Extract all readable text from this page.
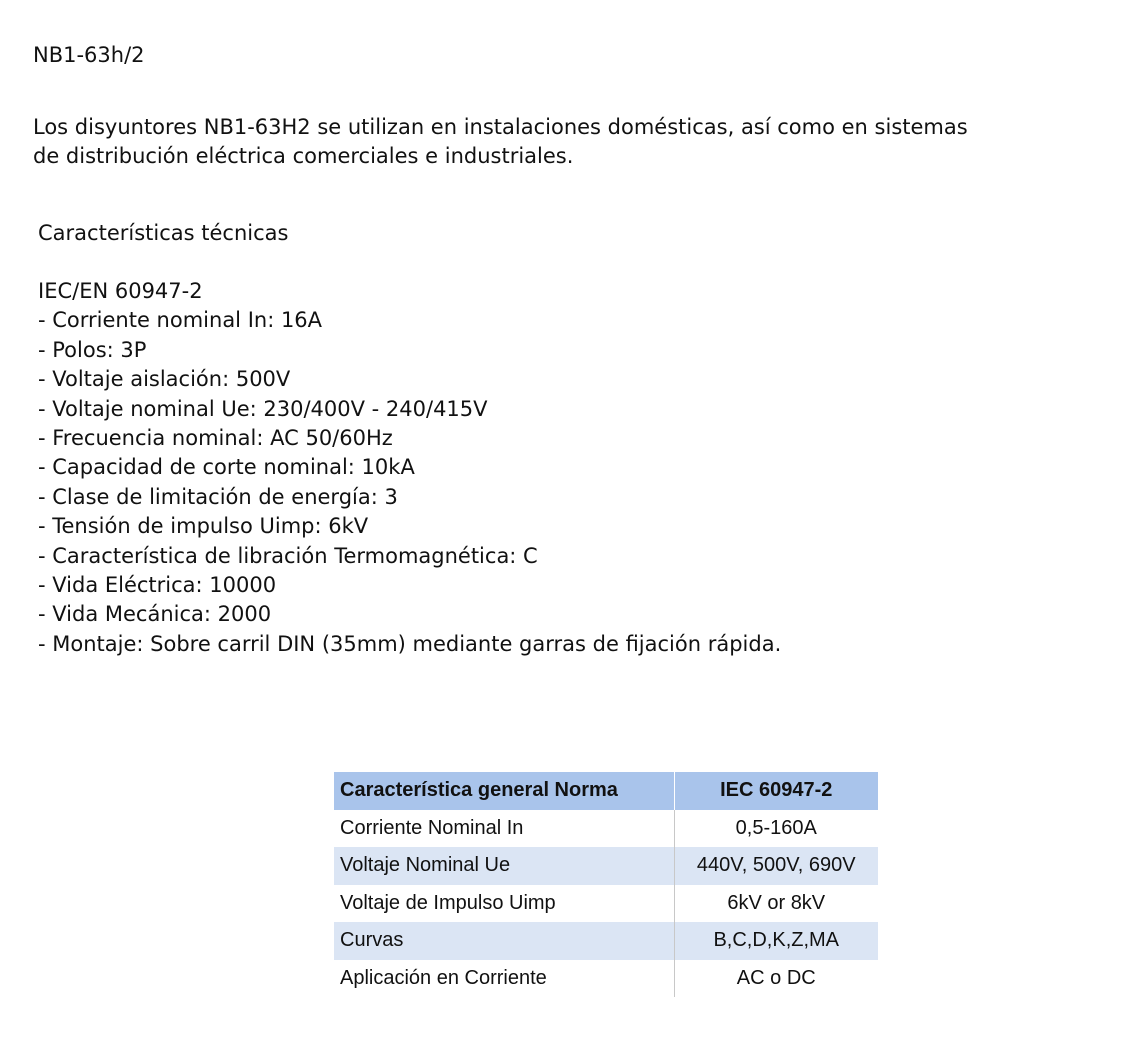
NB1-63h/2
Los disyuntores NB1-63H2 se utilizan en instalaciones domésticas, así como en sistemas
de distribución eléctrica comerciales e industriales.
Características técnicas
IEC/EN 60947-2
- Corriente nominal In: 16A
- Polos: 3P
- Voltaje aislación: 500V
- Voltaje nominal Ue: 230/400V - 240/415V
- Frecuencia nominal: AC 50/60Hz
- Capacidad de corte nominal: 10kA
- Clase de limitación de energía: 3
- Tensión de impulso Uimp: 6kV
- Característica de libración Termomagnética: C
- Vida Eléctrica: 10000
- Vida Mecánica: 2000
- Montaje: Sobre carril DIN (35mm) mediante garras de fijación rápida.
Característica general Norma	IEC 60947-2
Corriente Nominal In	0,5-160A
Voltaje Nominal Ue	440V, 500V, 690V
Voltaje de Impulso Uimp	6kV or 8kV
Curvas	B,C,D,K,Z,MA
Aplicación en Corriente	AC o DC
